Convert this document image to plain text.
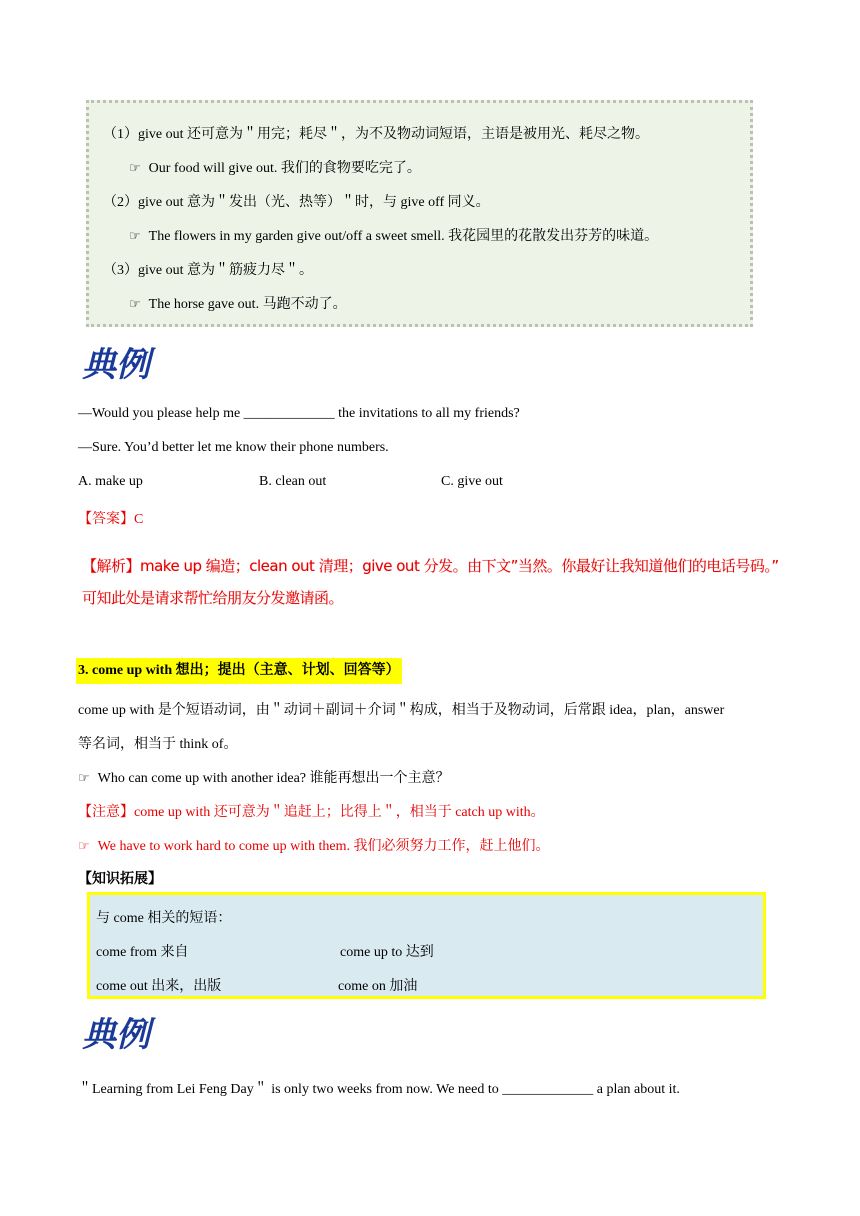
（1）give out 还可意为＂用完；耗尽＂，为不及物动词短语，主语是被用光、耗尽之物。
☞ Our food will give out. 我们的食物要吃完了。
（2）give out 意为＂发出（光、热等）＂时，与 give off 同义。
☞ The flowers in my garden give out/off a sweet smell. 我花园里的花散发出芬芳的味道。
（3）give out 意为＂筋疲力尽＂。
☞ The horse gave out. 马跑不动了。
典例
—Would you please help me _____________ the invitations to all my friends?
—Sure. You’d better let me know their phone numbers.
A. make up	B. clean out	C. give out
【答案】C
【解析】make up 编造；clean out 清理；give out 分发。由下文”当然。你最好让我知道他们的电话号码。”
可知此处是请求帮忙给朋友分发邀请函。
3. come up with 想出；提出（主意、计划、回答等）
come up with 是个短语动词，由＂动词＋副词＋介词＂构成，相当于及物动词，后常跟 idea，plan，answer
等名词，相当于 think of。
☞ Who can come up with another idea? 谁能再想出一个主意？
【注意】come up with 还可意为＂追赶上；比得上＂，相当于 catch up with。
☞ We have to work hard to come up with them. 我们必须努力工作，赶上他们。
【知识拓展】
与 come 相关的短语：
come from 来自	come up to 达到
come out 出来，出版	come on 加油
典例
＂Learning from Lei Feng Day＂ is only two weeks from now. We need to _____________ a plan about it.
